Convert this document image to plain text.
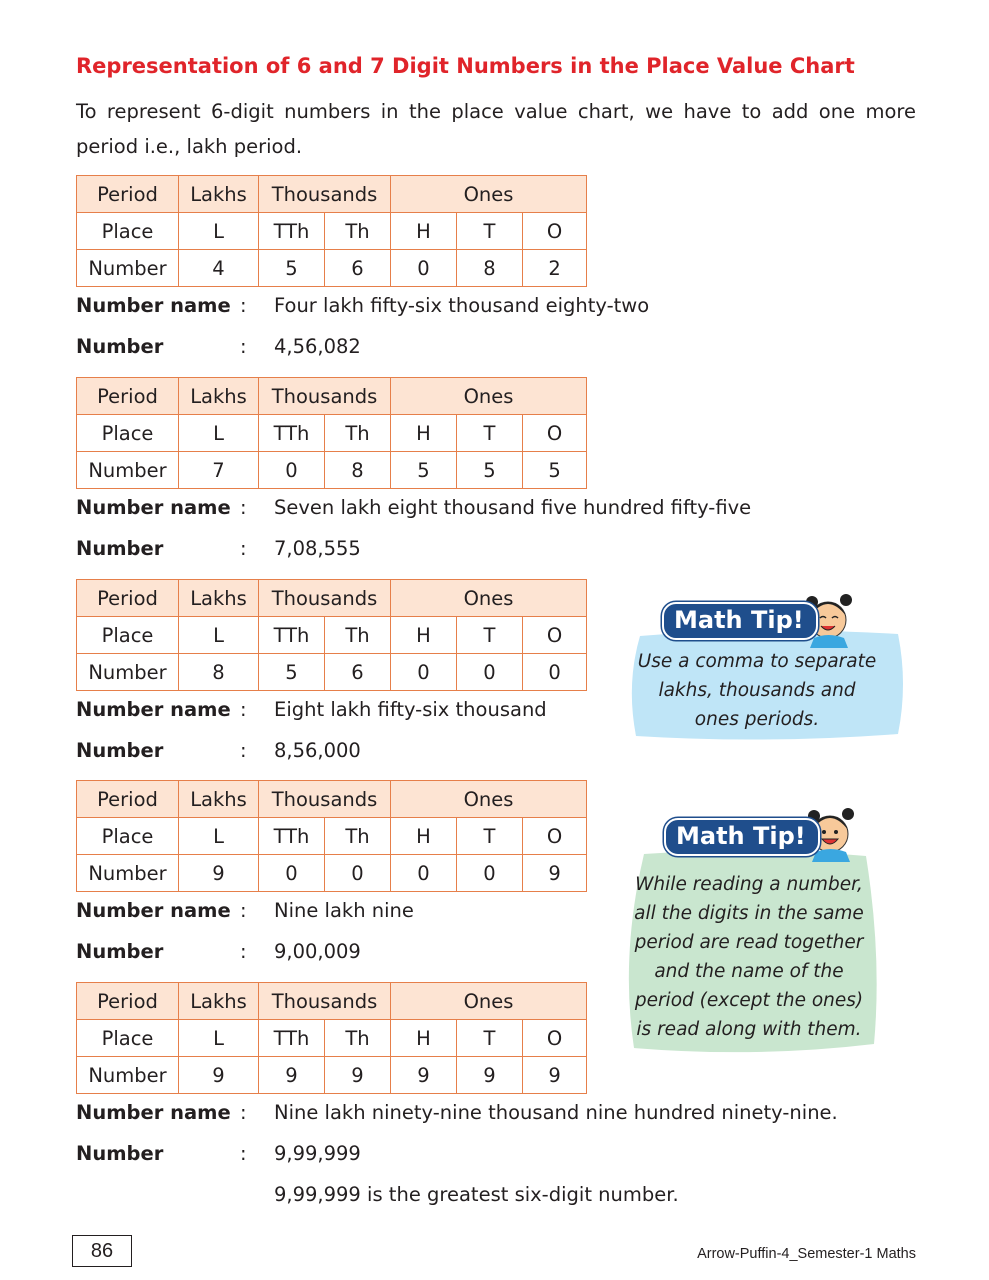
Representation of 6 and 7 Digit Numbers in the Place Value Chart

To represent 6-digit numbers in the place value chart, we have to add one more period i.e., lakh period.

Period	Lakhs	Thousands		Ones		
Place	L	TTh	Th	H	T	O
Number	4	5	6	0	8	2
Number name : Four lakh fifty-six thousand eighty-two
Number	: 4,56,082
Period	Lakhs	Thousands		Ones		
Place	L	TTh	Th	H	T	O
Number	7	0	8	5	5	5
Number name : Seven lakh eight thousand five hundred fifty-five
Number	: 7,08,555
Period	Lakhs	Thousands		Ones		
Place	L	TTh	Th	H	T	O
Number	8	5	6	0	0	0
Number name : Eight lakh fifty-six thousand
Number	: 8,56,000
Period	Lakhs	Thousands		Ones		
Place	L	TTh	Th	H	T	O
Number	9	0	0	0	0	9
Number name : Nine lakh nine
Number	: 9,00,009
Period	Lakhs	Thousands		Ones		
Place	L	TTh	Th	H	T	O
Number	9	9	9	9	9	9
Number name : Nine lakh ninety-nine thousand nine hundred ninety-nine.
Number	: 9,99,999

9,99,999 is the greatest six-digit number.

Math Tip!
Use a comma to separate
lakhs, thousands and
ones periods.
Math Tip!
While reading a number,
all the digits in the same
period are read together
and the name of the
period (except the ones)
is read along with them.
86	Arrow-Puffin-4_Semester-1 Maths
